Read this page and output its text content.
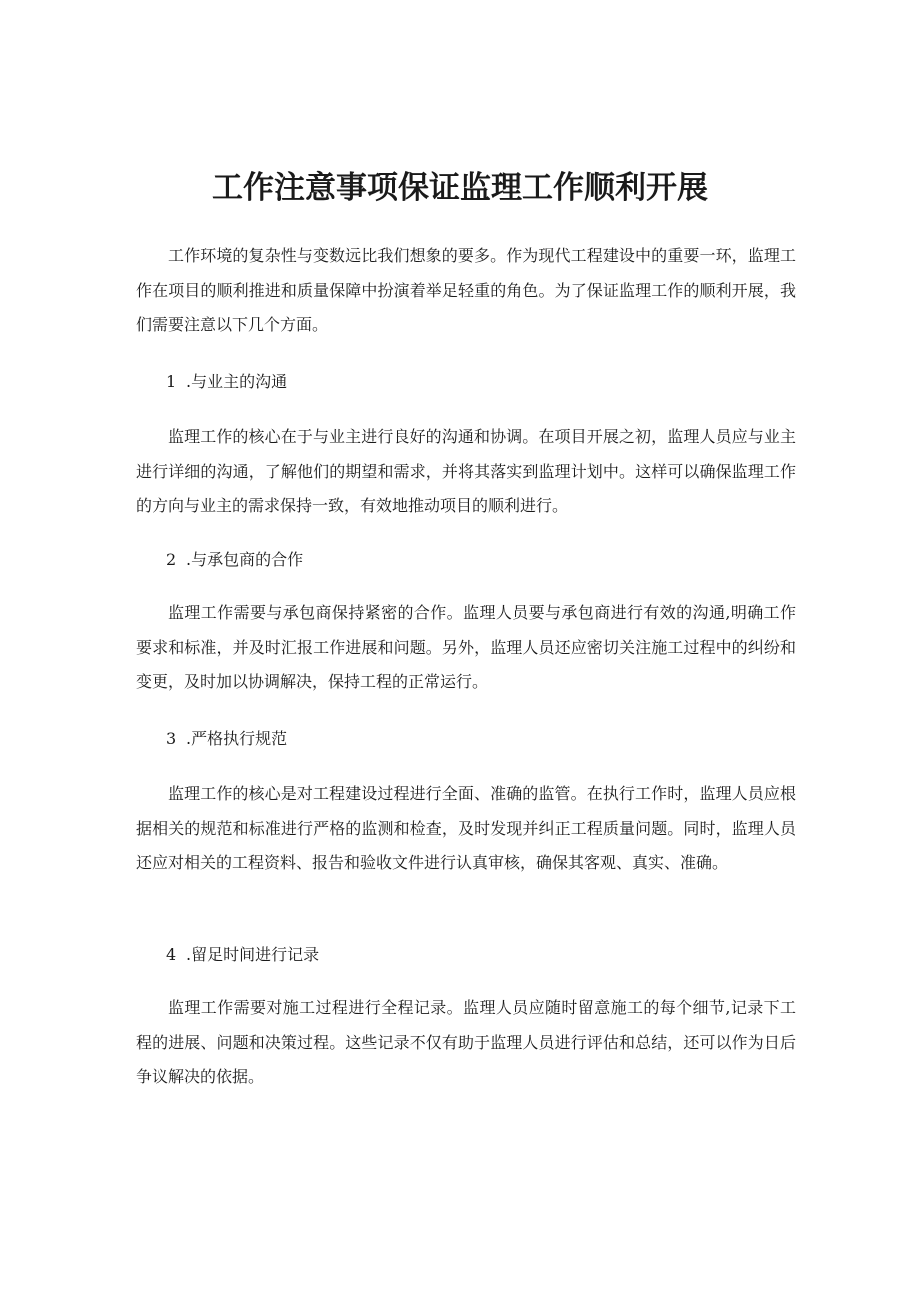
工作注意事项保证监理工作顺利开展

工作环境的复杂性与变数远比我们想象的要多。作为现代工程建设中的重要一环，监理工作在项目的顺利推进和质量保障中扮演着举足轻重的角色。为了保证监理工作的顺利开展，我们需要注意以下几个方面。

1 .与业主的沟通

监理工作的核心在于与业主进行良好的沟通和协调。在项目开展之初，监理人员应与业主进行详细的沟通，了解他们的期望和需求，并将其落实到监理计划中。这样可以确保监理工作的方向与业主的需求保持一致，有效地推动项目的顺利进行。

2 .与承包商的合作

监理工作需要与承包商保持紧密的合作。监理人员要与承包商进行有效的沟通,明确工作要求和标准，并及时汇报工作进展和问题。另外，监理人员还应密切关注施工过程中的纠纷和变更，及时加以协调解决，保持工程的正常运行。

3 .严格执行规范

监理工作的核心是对工程建设过程进行全面、准确的监管。在执行工作时，监理人员应根据相关的规范和标准进行严格的监测和检查，及时发现并纠正工程质量问题。同时，监理人员还应对相关的工程资料、报告和验收文件进行认真审核，确保其客观、真实、准确。

4 .留足时间进行记录

监理工作需要对施工过程进行全程记录。监理人员应随时留意施工的每个细节,记录下工程的进展、问题和决策过程。这些记录不仅有助于监理人员进行评估和总结，还可以作为日后争议解决的依据。
